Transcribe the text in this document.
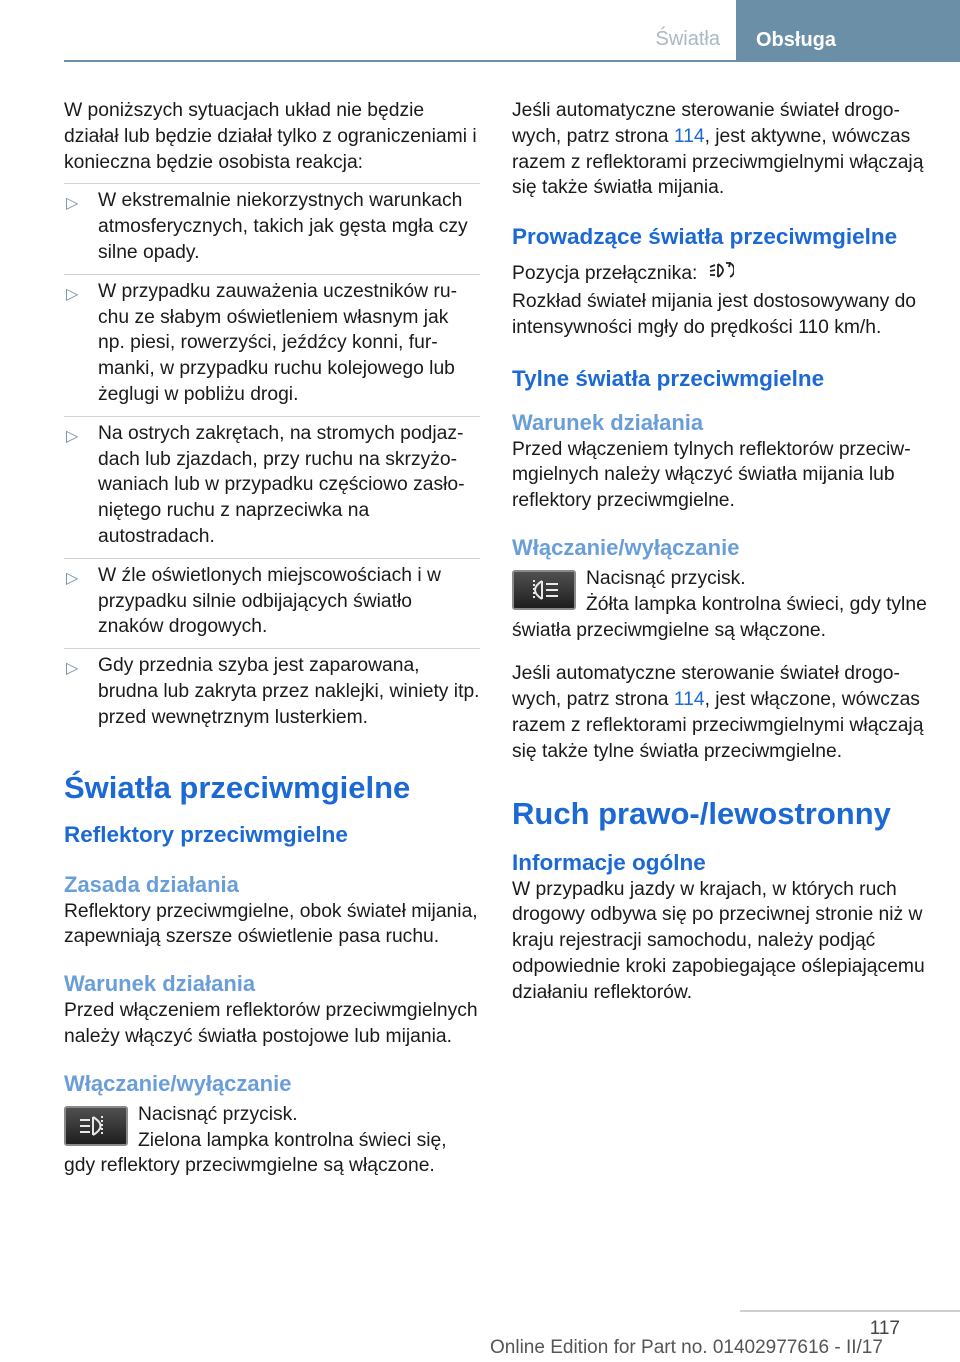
Światła	Obsługa

W poniższych sytuacjach układ nie będzie działał lub będzie działał tylko z ograniczeniami i konieczna będzie osobista reakcja:

▷ W ekstremalnie niekorzystnych warunkach atmosferycznych, takich jak gęsta mgła czy silne opady.
▷ W przypadku zauważenia uczestników ruchu ze słabym oświetleniem własnym jak np. piesi, rowerzyści, jeźdźcy konni, furmanki, w przypadku ruchu kolejowego lub żeglugi w pobliżu drogi.
▷ Na ostrych zakrętach, na stromych podjazdach lub zjazdach, przy ruchu na skrzyżowaniach lub w przypadku częściowo zasłoniętego ruchu z naprzeciwka na autostradach.
▷ W źle oświetlonych miejscowościach i w przypadku silnie odbijających światło znaków drogowych.
▷ Gdy przednia szyba jest zaparowana, brudna lub zakryta przez naklejki, winiety itp. przed wewnętrznym lusterkiem.
Światła przeciwmgielne
Reflektory przeciwmgielne
Zasada działania

Reflektory przeciwmgielne, obok świateł mijania, zapewniają szersze oświetlenie pasa ruchu.

Warunek działania

Przed włączeniem reflektorów przeciwmgielnych należy włączyć światła postojowe lub mijania.

Włączanie/wyłączanie

Nacisnąć przycisk.

Zielona lampka kontrolna świeci się, gdy reflektory przeciwmgielne są włączone.

Jeśli automatyczne sterowanie świateł drogowych, patrz strona 114, jest aktywne, wówczas razem z reflektorami przeciwmgielnymi włączają się także światła mijania.

Prowadzące światła przeciwmgielne

Pozycja przełącznika:

Rozkład świateł mijania jest dostosowywany do intensywności mgły do prędkości 110 km/h.

Tylne światła przeciwmgielne
Warunek działania

Przed włączeniem tylnych reflektorów przeciwmgielnych należy włączyć światła mijania lub reflektory przeciwmgielne.

Włączanie/wyłączanie

Nacisnąć przycisk.

Żółta lampka kontrolna świeci, gdy tylne światła przeciwmgielne są włączone.

Jeśli automatyczne sterowanie świateł drogowych, patrz strona 114, jest włączone, wówczas razem z reflektorami przeciwmgielnymi włączają się także tylne światła przeciwmgielne.

Ruch prawo-/lewostronny
Informacje ogólne

W przypadku jazdy w krajach, w których ruch drogowy odbywa się po przeciwnej stronie niż w kraju rejestracji samochodu, należy podjąć odpowiednie kroki zapobiegające oślepiającemu działaniu reflektorów.

117
Online Edition for Part no. 01402977616 - II/17
